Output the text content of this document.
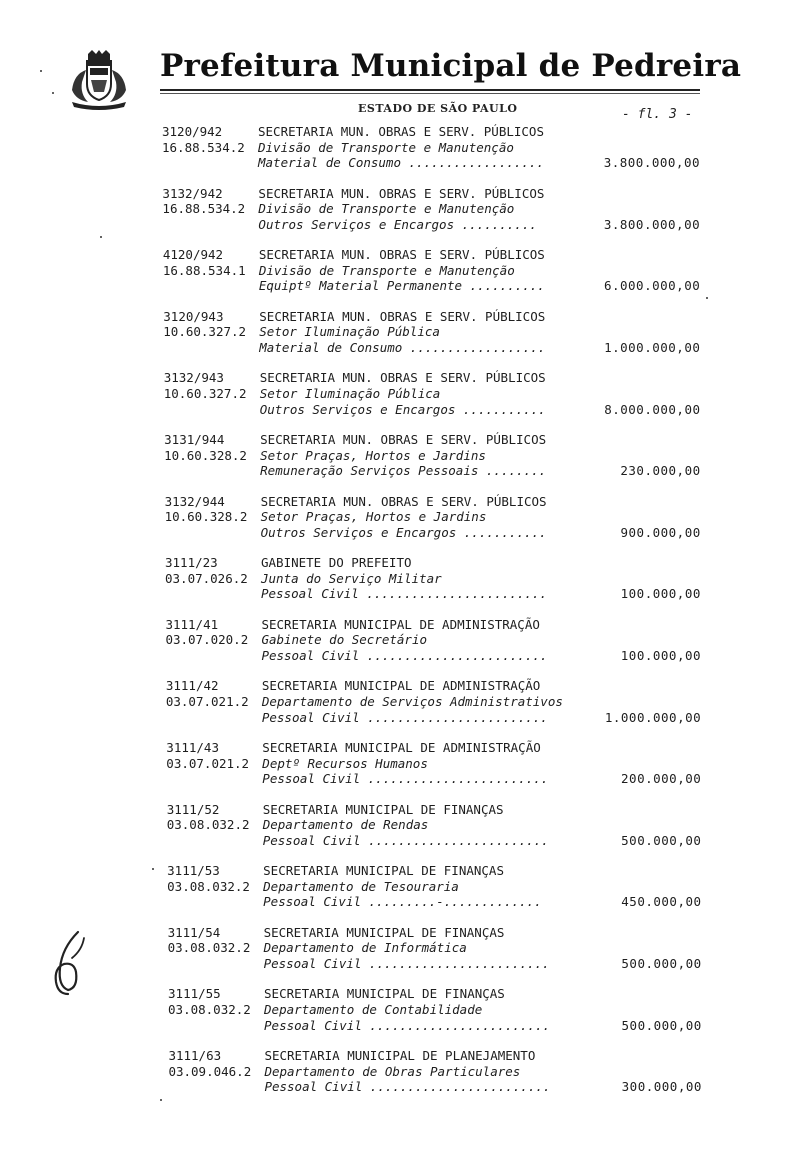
Prefeitura Municipal de Pedreira
ESTADO DE SÃO PAULO	- fl. 3 -
3120/942	SECRETARIA MUN. OBRAS E SERV. PÚBLICOS
16.88.534.2 Divisão de Transporte e Manutenção
Material de Consumo ..................	3.800.000,00
3132/942	SECRETARIA MUN. OBRAS E SERV. PÚBLICOS
16.88.534.2 Divisão de Transporte e Manutenção
Outros Serviços e Encargos ..........	3.800.000,00
4120/942	SECRETARIA MUN. OBRAS E SERV. PÚBLICOS
16.88.534.1 Divisão de Transporte e Manutenção
Equiptº Material Permanente ..........	6.000.000,00
3120/943	SECRETARIA MUN. OBRAS E SERV. PÚBLICOS
10.60.327.2 Setor Iluminação Pública
Material de Consumo ..................	1.000.000,00
3132/943	SECRETARIA MUN. OBRAS E SERV. PÚBLICOS
10.60.327.2 Setor Iluminação Pública
Outros Serviços e Encargos ...........	8.000.000,00
3131/944	SECRETARIA MUN. OBRAS E SERV. PÚBLICOS
10.60.328.2 Setor Praças, Hortos e Jardins
Remuneração Serviços Pessoais ........	230.000,00
3132/944	SECRETARIA MUN. OBRAS E SERV. PÚBLICOS
10.60.328.2 Setor Praças, Hortos e Jardins
Outros Serviços e Encargos ...........	900.000,00
3111/23	GABINETE DO PREFEITO
03.07.026.2 Junta do Serviço Militar
Pessoal Civil ........................	100.000,00
3111/41	SECRETARIA MUNICIPAL DE ADMINISTRAÇÃO
03.07.020.2 Gabinete do Secretário
Pessoal Civil ........................	100.000,00
3111/42	SECRETARIA MUNICIPAL DE ADMINISTRAÇÃO
03.07.021.2 Departamento de Serviços Administrativos
Pessoal Civil ........................	1.000.000,00
3111/43	SECRETARIA MUNICIPAL DE ADMINISTRAÇÃO
03.07.021.2 Deptº Recursos Humanos
Pessoal Civil ........................	200.000,00
3111/52	SECRETARIA MUNICIPAL DE FINANÇAS
03.08.032.2 Departamento de Rendas
Pessoal Civil ........................	500.000,00
3111/53	SECRETARIA MUNICIPAL DE FINANÇAS
03.08.032.2 Departamento de Tesouraria
Pessoal Civil .........-.............	450.000,00
3111/54	SECRETARIA MUNICIPAL DE FINANÇAS
03.08.032.2 Departamento de Informática
Pessoal Civil ........................	500.000,00
3111/55	SECRETARIA MUNICIPAL DE FINANÇAS
03.08.032.2 Departamento de Contabilidade
Pessoal Civil ........................	500.000,00
3111/63	SECRETARIA MUNICIPAL DE PLANEJAMENTO
03.09.046.2 Departamento de Obras Particulares
Pessoal Civil ........................	300.000,00
